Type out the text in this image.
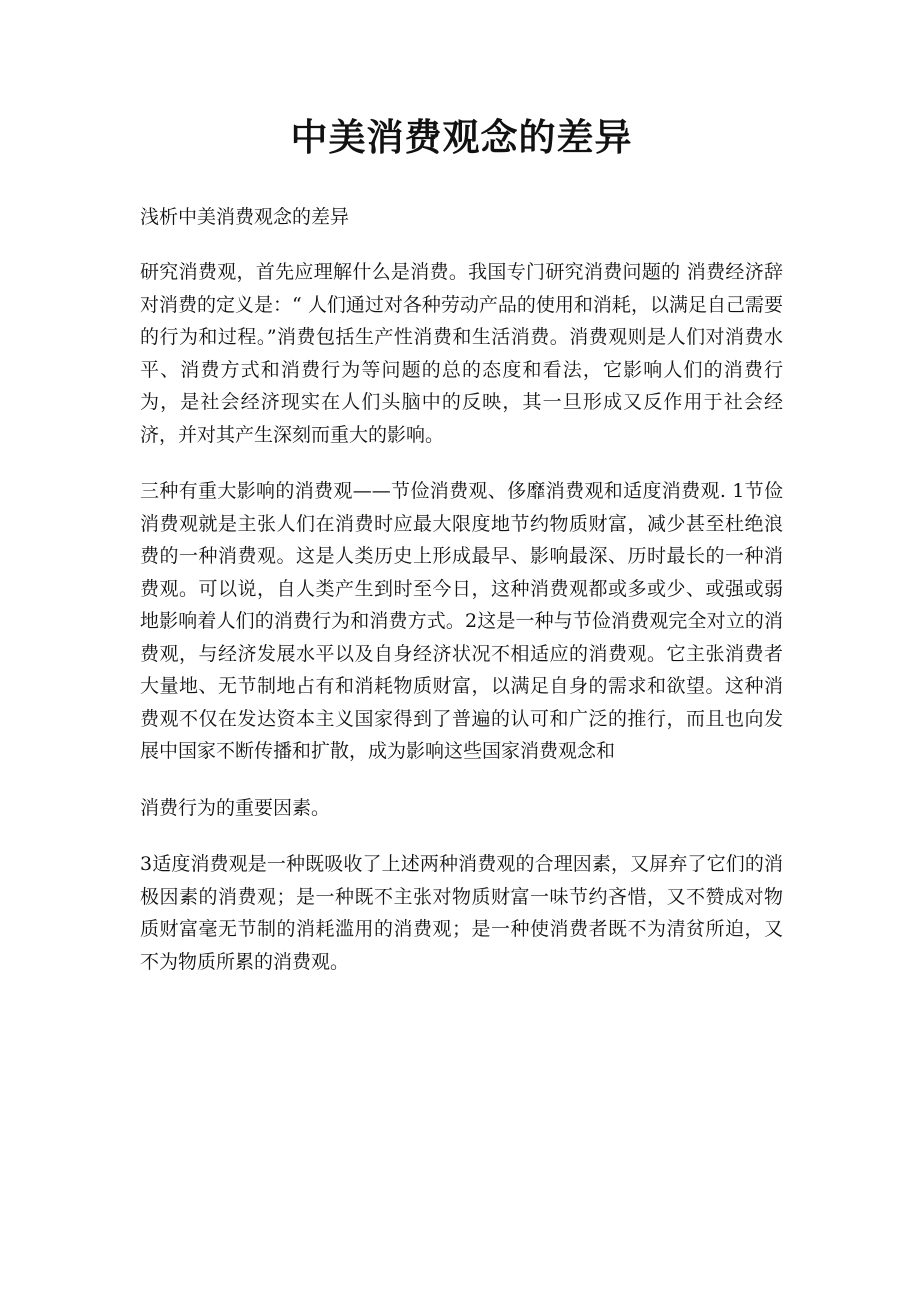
中美消费观念的差异

浅析中美消费观念的差异

研究消费观，首先应理解什么是消费。我国专门研究消费问题的 消费经济辞对消费的定义是：“ 人们通过对各种劳动产品的使用和消耗，以满足自己需要的行为和过程。”消费包括生产性消费和生活消费。消费观则是人们对消费水平、消费方式和消费行为等问题的总的态度和看法，它影响人们的消费行为，是社会经济现实在人们头脑中的反映，其一旦形成又反作用于社会经济，并对其产生深刻而重大的影响。

三种有重大影响的消费观——节俭消费观、侈靡消费观和适度消费观. 1节俭消费观就是主张人们在消费时应最大限度地节约物质财富，减少甚至杜绝浪费的一种消费观。这是人类历史上形成最早、影响最深、历时最长的一种消费观。可以说，自人类产生到时至今日，这种消费观都或多或少、或强或弱地影响着人们的消费行为和消费方式。2这是一种与节俭消费观完全对立的消费观，与经济发展水平以及自身经济状况不相适应的消费观。它主张消费者大量地、无节制地占有和消耗物质财富，以满足自身的需求和欲望。这种消费观不仅在发达资本主义国家得到了普遍的认可和广泛的推行，而且也向发展中国家不断传播和扩散，成为影响这些国家消费观念和

消费行为的重要因素。

3适度消费观是一种既吸收了上述两种消费观的合理因素，又屏弃了它们的消极因素的消费观；是一种既不主张对物质财富一味节约吝惜，又不赞成对物质财富毫无节制的消耗滥用的消费观；是一种使消费者既不为清贫所迫，又不为物质所累的消费观。
